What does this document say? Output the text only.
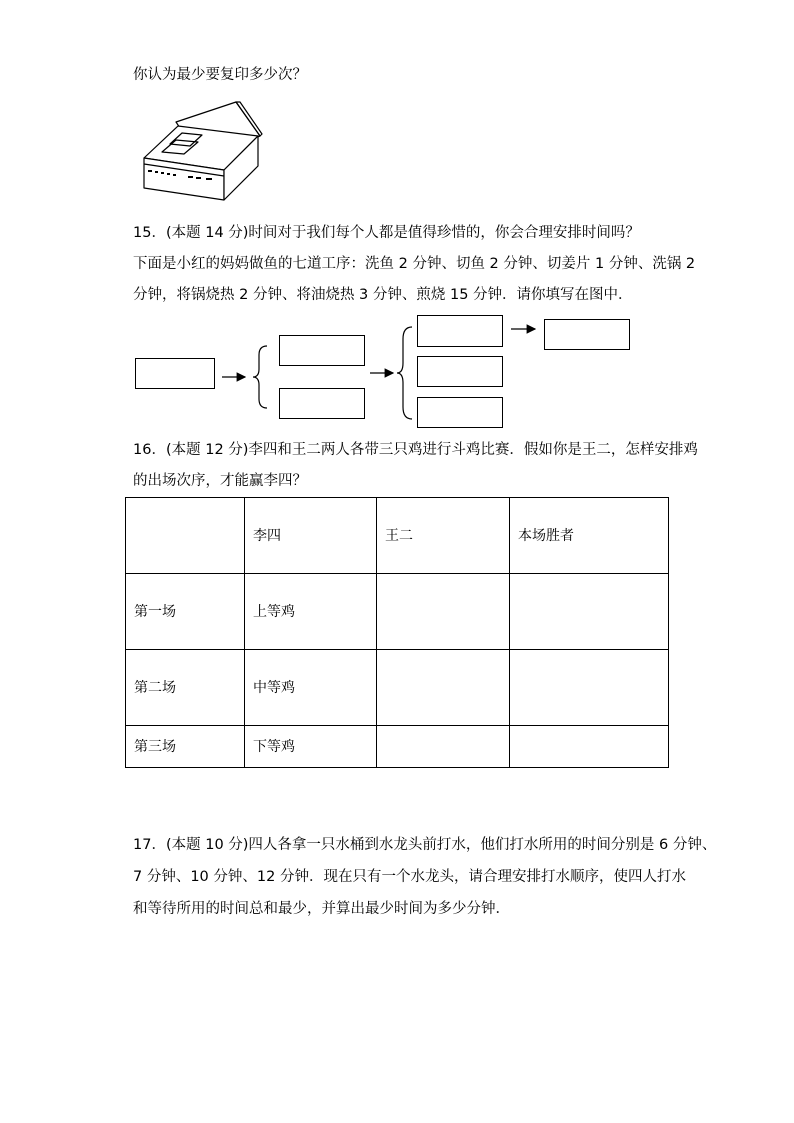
你认为最少要复印多少次？
15．(本题 14 分)时间对于我们每个人都是值得珍惜的，你会合理安排时间吗？
下面是小红的妈妈做鱼的七道工序：洗鱼 2 分钟、切鱼 2 分钟、切姜片 1 分钟、洗锅 2
分钟，将锅烧热 2 分钟、将油烧热 3 分钟、煎烧 15 分钟．请你填写在图中．
16．(本题 12 分)李四和王二两人各带三只鸡进行斗鸡比赛．假如你是王二，怎样安排鸡
的出场次序，才能赢李四？
	李四	王二	本场胜者
第一场	上等鸡		
第二场	中等鸡		
第三场	下等鸡		
17．(本题 10 分)四人各拿一只水桶到水龙头前打水，他们打水所用的时间分别是 6 分钟、
7 分钟、10 分钟、12 分钟．现在只有一个水龙头，请合理安排打水顺序，使四人打水
和等待所用的时间总和最少，并算出最少时间为多少分钟．
